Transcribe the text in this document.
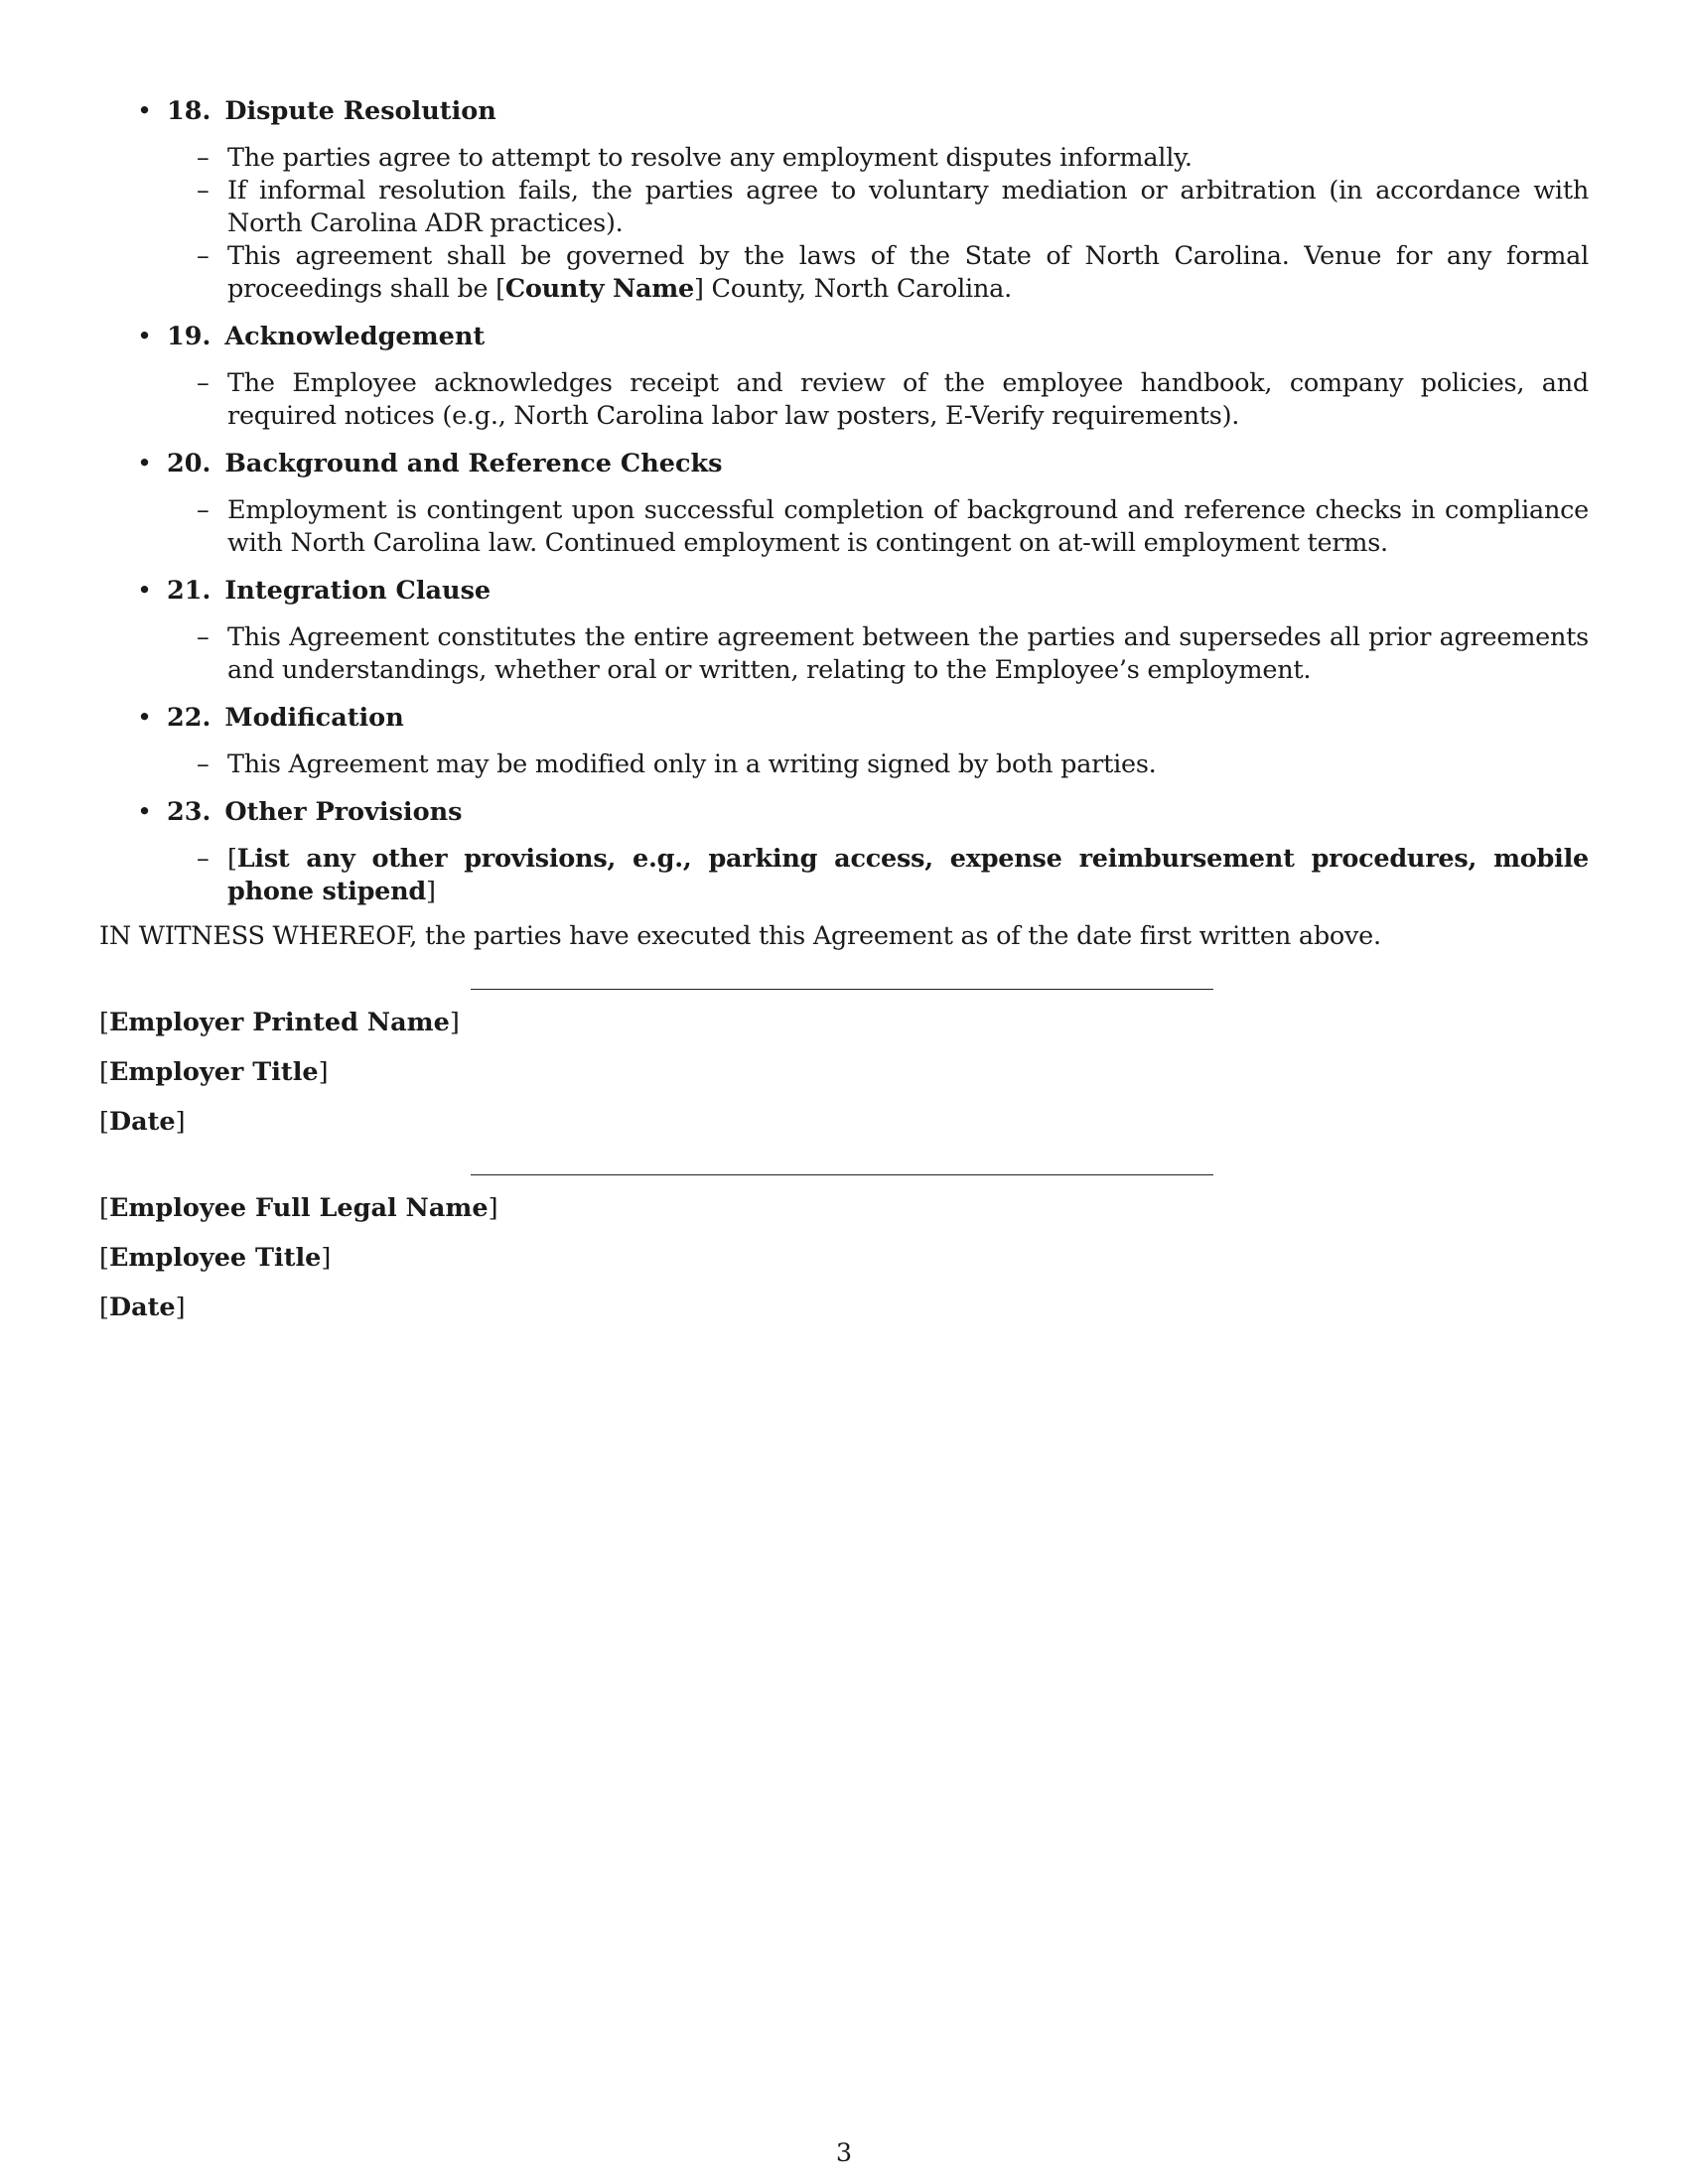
• 18. Dispute Resolution
– The parties agree to attempt to resolve any employment disputes informally.
– If informal resolution fails, the parties agree to voluntary mediation or arbitration (in accordance with North Carolina ADR practices).
– This agreement shall be governed by the laws of the State of North Carolina. Venue for any formal proceedings shall be [County Name] County, North Carolina.
• 19. Acknowledgement
– The Employee acknowledges receipt and review of the employee handbook, company policies, and required notices (e.g., North Carolina labor law posters, E-Verify requirements).
• 20. Background and Reference Checks
– Employment is contingent upon successful completion of background and reference checks in compliance with North Carolina law. Continued employment is contingent on at-will employment terms.
• 21. Integration Clause
– This Agreement constitutes the entire agreement between the parties and supersedes all prior agreements and understandings, whether oral or written, relating to the Employee’s employment.
• 22. Modification
– This Agreement may be modified only in a writing signed by both parties.
• 23. Other Provisions
– [List any other provisions, e.g., parking access, expense reimbursement procedures, mobile phone stipend]
IN WITNESS WHEREOF, the parties have executed this Agreement as of the date first written above.
[Employer Printed Name]
[Employer Title]
[Date]
[Employee Full Legal Name]
[Employee Title]
[Date]
3
